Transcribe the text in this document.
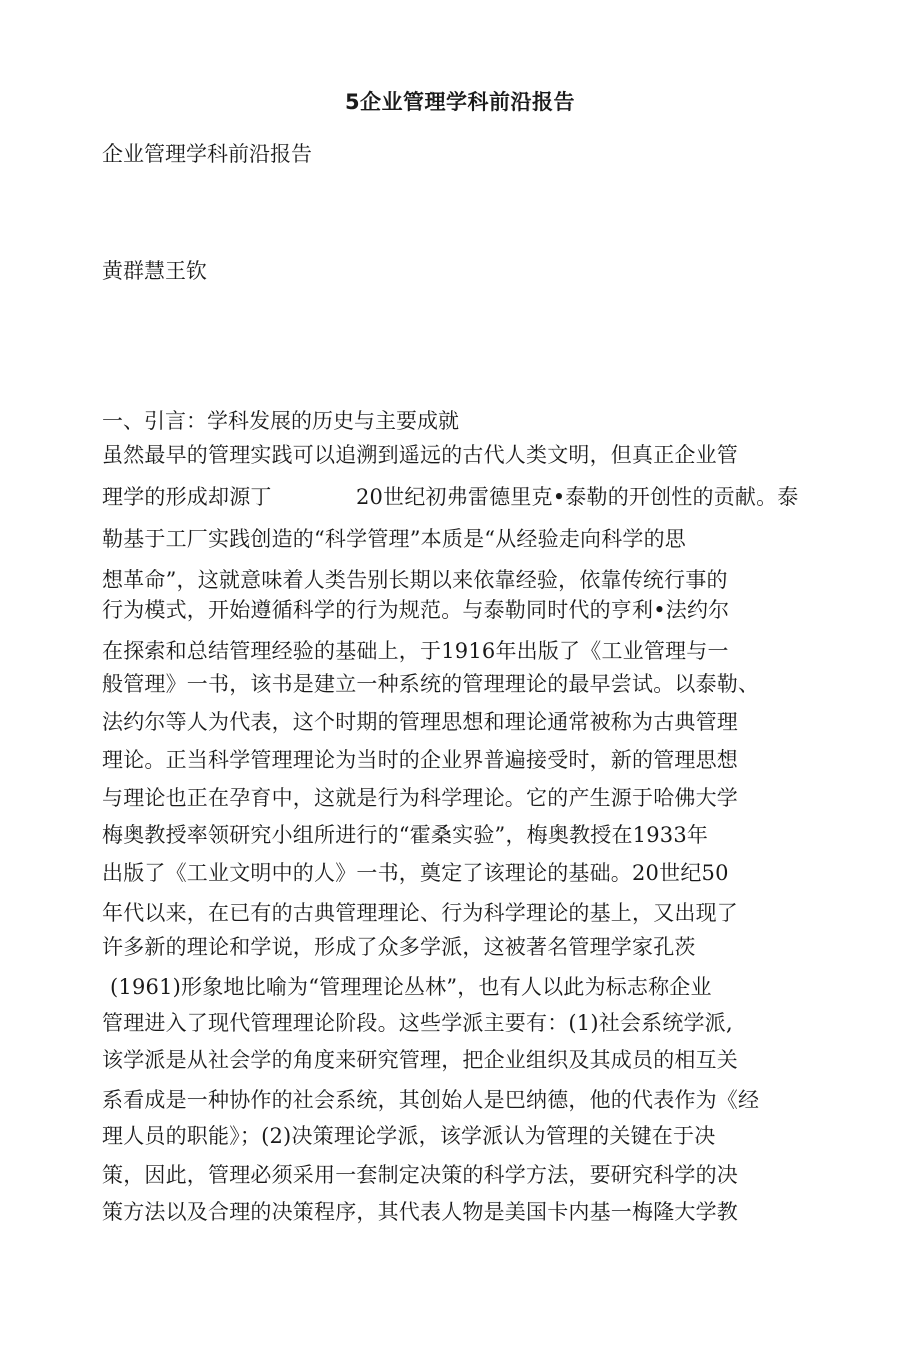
5企业管理学科前沿报告

企业管理学科前沿报告

黄群慧王钦

一、引言：学科发展的历史与主要成就

虽然最早的管理实践可以追溯到遥远的古代人类文明，但真正企业管
理学的形成却源丁	20世纪初弗雷德里克•泰勒的开创性的贡献。泰
勒基于工厂实践创造的“科学管理”本质是“从经验走向科学的思
想革命”，这就意味着人类告别长期以来依靠经验，依靠传统行事的
行为模式，开始遵循科学的行为规范。与泰勒同时代的亨利•法约尔
在探索和总结管理经验的基础上，于1916年出版了《工业管理与一
般管理》一书，该书是建立一种系统的管理理论的最早尝试。以泰勒、
法约尔等人为代表，这个时期的管理思想和理论通常被称为古典管理
理论。正当科学管理理论为当时的企业界普遍接受时，新的管理思想
与理论也正在孕育中，这就是行为科学理论。它的产生源于哈佛大学
梅奥教授率领研究小组所进行的“霍桑实验”，梅奥教授在1933年
出版了《工业文明中的人》一书，奠定了该理论的基础。20世纪50
年代以来，在已有的古典管理理论、行为科学理论的基上，又出现了
许多新的理论和学说，形成了众多学派，这被著名管理学家孔茨
(1961)形象地比喻为“管理理论丛林”，也有人以此为标志称企业
管理进入了现代管理理论阶段。这些学派主要有：(1)社会系统学派,
该学派是从社会学的角度来研究管理，把企业组织及其成员的相互关
系看成是一种协作的社会系统，其创始人是巴纳德，他的代表作为《经
理人员的职能》；(2)决策理论学派，该学派认为管理的关键在于决
策，因此，管理必须采用一套制定决策的科学方法，要研究科学的决
策方法以及合理的决策程序，其代表人物是美国卡内基一梅隆大学教
